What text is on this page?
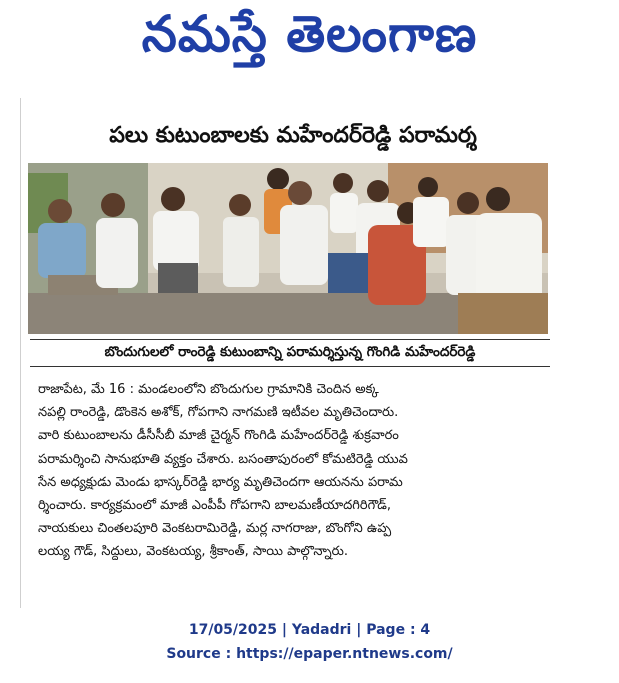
నమస్తే తెలంగాణ
పలు కుటుంబాలకు మహేందర్‌రెడ్డి పరామర్శ
బొందుగులలో రాంరెడ్డి కుటుంబాన్ని పరామర్శిస్తున్న గొంగిడి మహేందర్‌రెడ్డి
రాజాపేట, మే 16 : మండలంలోని బొందుగుల గ్రామానికి చెందిన అక్క
నపల్లి రాంరెడ్డి, డొంకెన అశోక్, గోపగాని నాగమణి ఇటీవల మృతిచెందారు.
వారి కుటుంబాలను డీసీసీబీ మాజీ చైర్మన్ గొంగిడి మహేందర్‌రెడ్డి శుక్రవారం
పరామర్శించి సానుభూతి వ్యక్తం చేశారు. బసంతాపురంలో కోమటిరెడ్డి యువ
సేన అధ్యక్షుడు మెండు భాస్కర్‌రెడ్డి భార్య మృతిచెందగా ఆయనను పరామ
ర్శించారు. కార్యక్రమంలో మాజీ ఎంపీపీ గోపగాని బాలమణీయాదగిరిగౌడ్,
నాయకులు చింతలపూరి వెంకటరామిరెడ్డి, మర్ల నాగరాజు, బొంగోని ఉప్ప
లయ్య గౌడ్, సిద్దులు, వెంకటయ్య, శ్రీకాంత్, సాయి పాల్గొన్నారు.
17/05/2025 | Yadadri | Page : 4
Source : https://epaper.ntnews.com/
